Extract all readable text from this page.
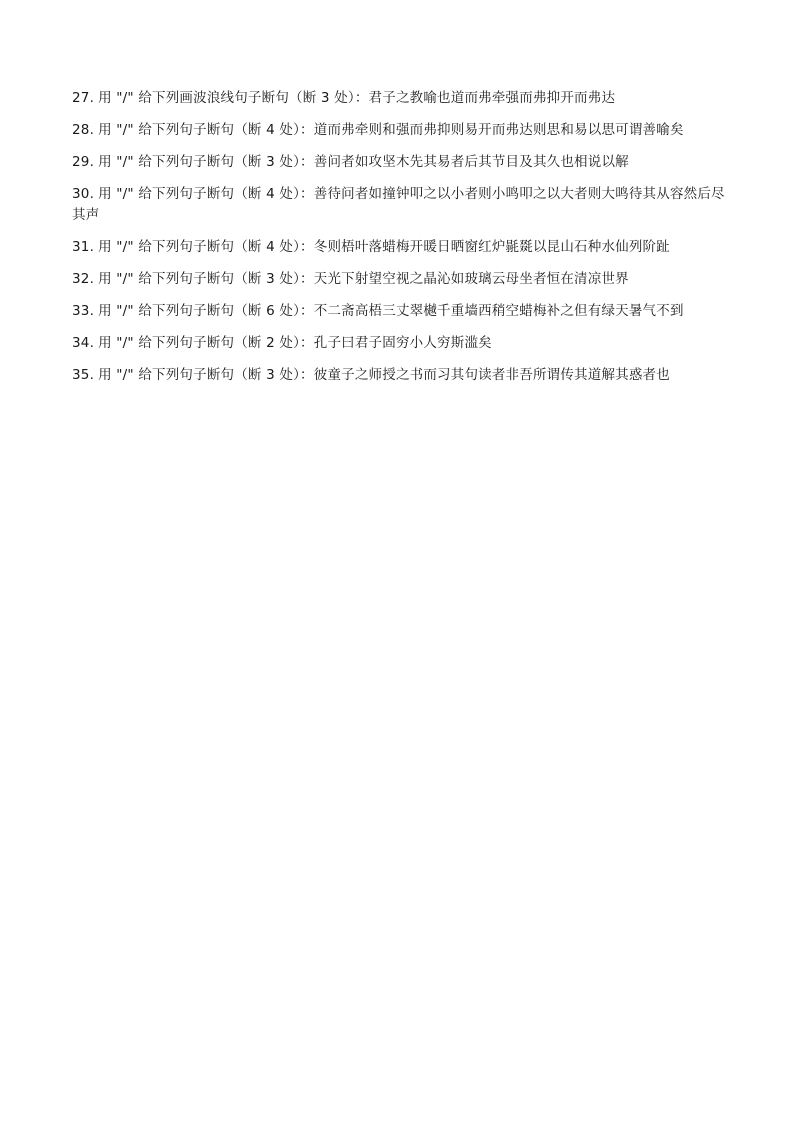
27. 用 "/" 给下列画波浪线句子断句（断 3 处）：君子之教喻也道而弗牵强而弗抑开而弗达
28. 用 "/" 给下列句子断句（断 4 处）：道而弗牵则和强而弗抑则易开而弗达则思和易以思可谓善喻矣
29. 用 "/" 给下列句子断句（断 3 处）：善问者如攻坚木先其易者后其节目及其久也相说以解
30. 用 "/" 给下列句子断句（断 4 处）：善待问者如撞钟叩之以小者则小鸣叩之以大者则大鸣待其从容然后尽其声
31. 用 "/" 给下列句子断句（断 4 处）：冬则梧叶落蜡梅开暖日晒窗红炉毾毲以昆山石种水仙列阶趾
32. 用 "/" 给下列句子断句（断 3 处）：天光下射望空视之晶沁如玻璃云母坐者恒在清凉世界
33. 用 "/" 给下列句子断句（断 6 处）：不二斋高梧三丈翠樾千重墙西稍空蜡梅补之但有绿天暑气不到
34. 用 "/" 给下列句子断句（断 2 处）：孔子曰君子固穷小人穷斯滥矣
35. 用 "/" 给下列句子断句（断 3 处）：彼童子之师授之书而习其句读者非吾所谓传其道解其惑者也
